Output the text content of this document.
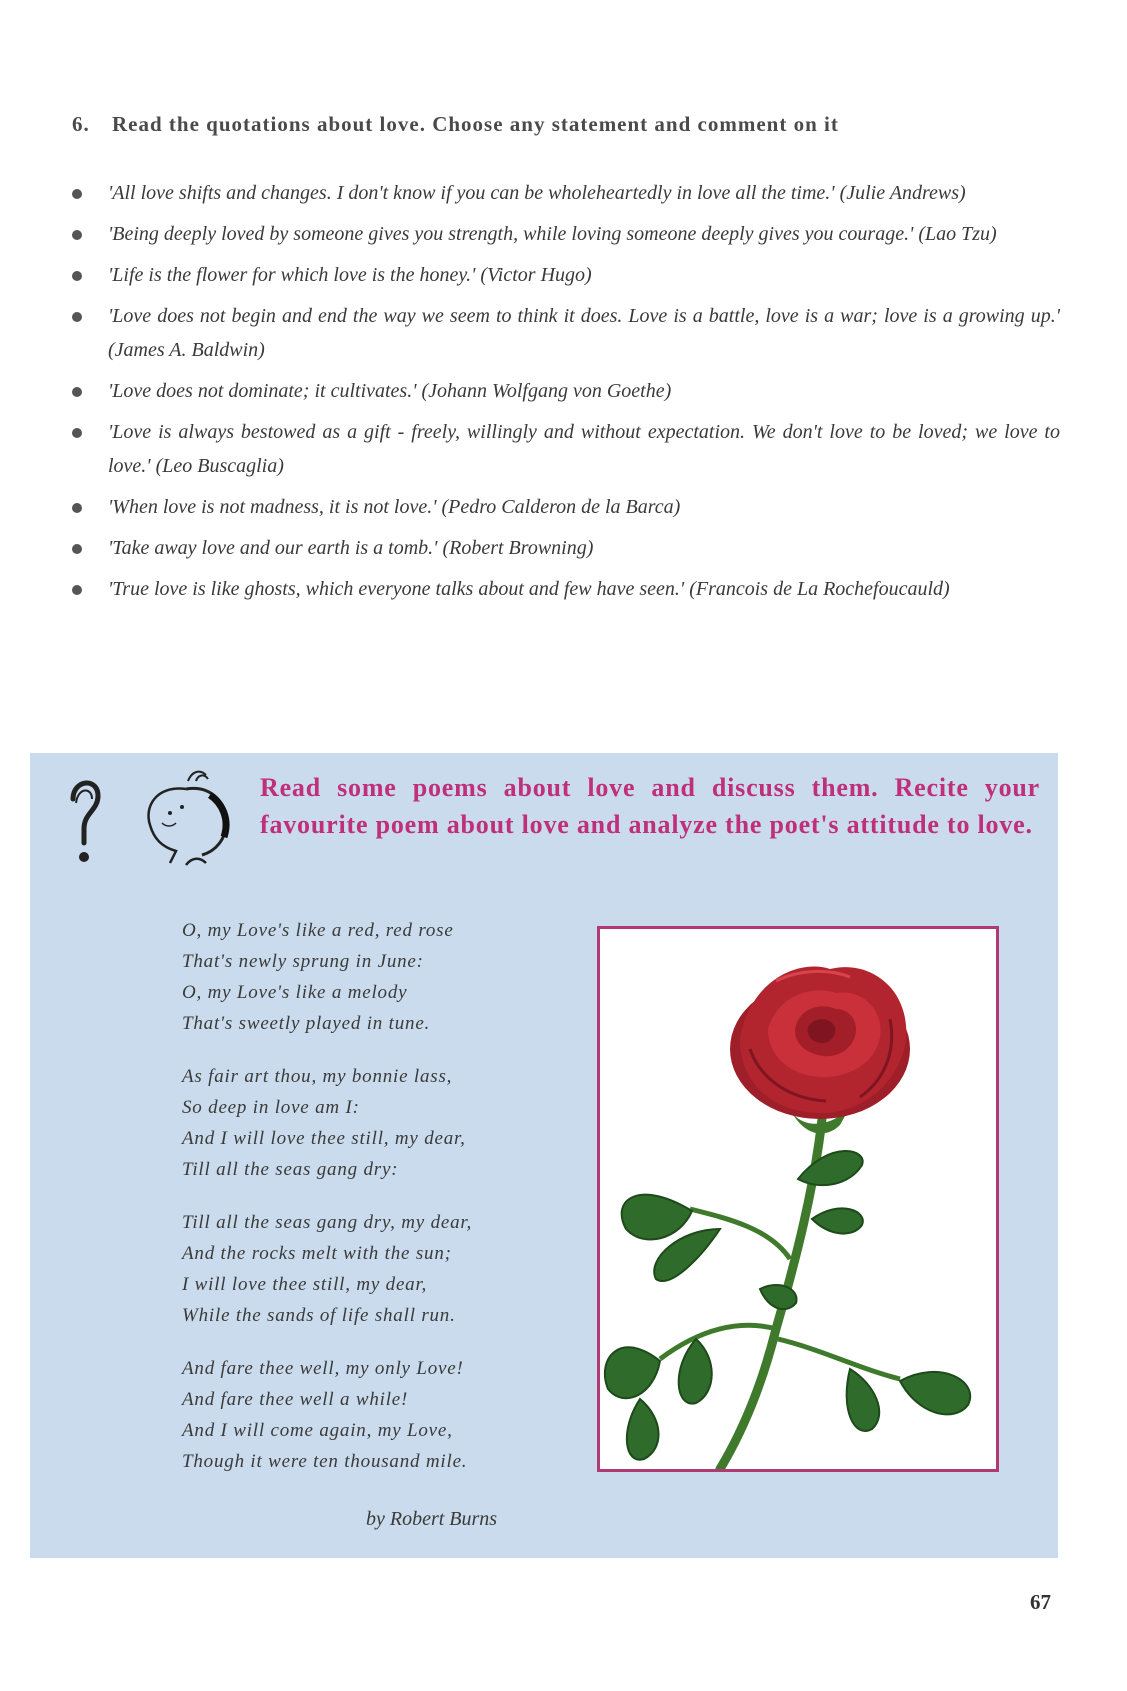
6. Read the quotations about love. Choose any statement and comment on it
'All love shifts and changes. I don't know if you can be wholeheartedly in love all the time.' (Julie Andrews)
'Being deeply loved by someone gives you strength, while loving someone deeply gives you courage.' (Lao Tzu)
'Life is the flower for which love is the honey.' (Victor Hugo)
'Love does not begin and end the way we seem to think it does. Love is a battle, love is a war; love is a growing up.' (James A. Baldwin)
'Love does not dominate; it cultivates.' (Johann Wolfgang von Goethe)
'Love is always bestowed as a gift - freely, willingly and without expectation. We don't love to be loved; we love to love.' (Leo Buscaglia)
'When love is not madness, it is not love.' (Pedro Calderon de la Barca)
'Take away love and our earth is a tomb.' (Robert Browning)
'True love is like ghosts, which everyone talks about and few have seen.' (Francois de La Rochefoucauld)
Read some poems about love and discuss them. Recite your favourite poem about love and analyze the poet's attitude to love.
O, my Love's like a red, red rose
That's newly sprung in June:
O, my Love's like a melody
That's sweetly played in tune.
As fair art thou, my bonnie lass,
So deep in love am I:
And I will love thee still, my dear,
Till all the seas gang dry:
Till all the seas gang dry, my dear,
And the rocks melt with the sun;
I will love thee still, my dear,
While the sands of life shall run.
And fare thee well, my only Love!
And fare thee well a while!
And I will come again, my Love,
Though it were ten thousand mile.
by Robert Burns
67
